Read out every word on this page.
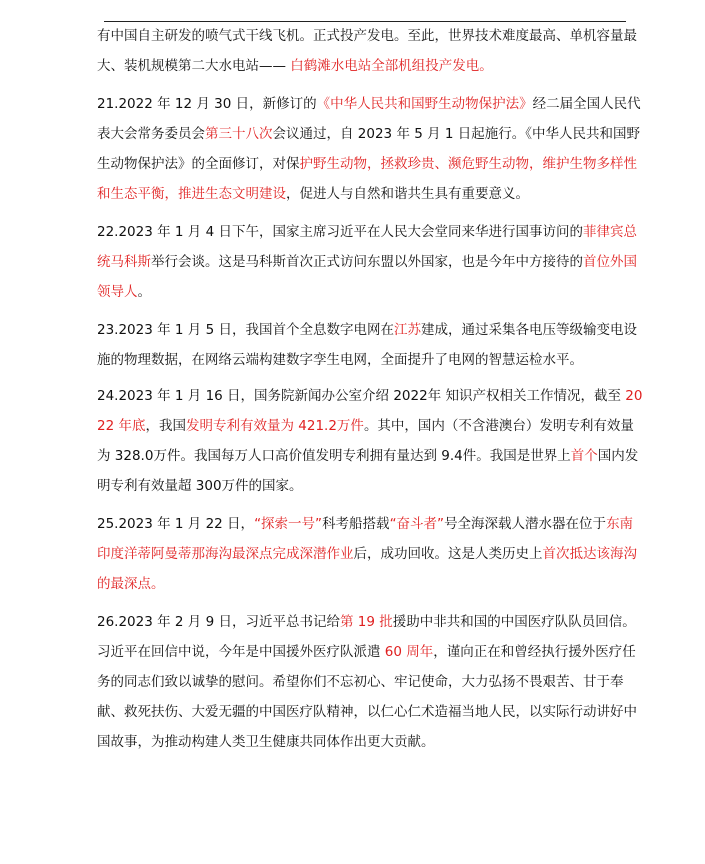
有中国自主研发的喷气式干线飞机。正式投产发电。至此，世界技术难度最高、单机容量最大、装机规模第二大水电站—— 白鹤滩水电站全部机组投产发电。

21.2022 年 12 月 30 日，新修订的《中华人民共和国野生动物保护法》经二届全国人民代表大会常务委员会第三十八次会议通过，自 2023 年 5 月 1 日起施行。《中华人民共和国野生动物保护法》的全面修订，对保护野生动物，拯救珍贵、濒危野生动物，维护生物多样性和生态平衡，推进生态文明建设，促进人与自然和谐共生具有重要意义。

22.2023 年 1 月 4 日下午，国家主席习近平在人民大会堂同来华进行国事访问的菲律宾总统马科斯举行会谈。这是马科斯首次正式访问东盟以外国家，也是今年中方接待的首位外国领导人。

23.2023 年 1 月 5 日，我国首个全息数字电网在江苏建成，通过采集各电压等级输变电设施的物理数据，在网络云端构建数字孪生电网，全面提升了电网的智慧运检水平。

24.2023 年 1 月 16 日，国务院新闻办公室介绍 2022年 知识产权相关工作情况，截至 2022 年底，我国发明专利有效量为 421.2万件。其中，国内（不含港澳台）发明专利有效量为 328.0万件。我国每万人口高价值发明专利拥有量达到 9.4件。我国是世界上首个国内发明专利有效量超 300万件的国家。

25.2023 年 1 月 22 日，“探索一号”科考船搭载“奋斗者”号全海深载人潜水器在位于东南印度洋蒂阿曼蒂那海沟最深点完成深潜作业后，成功回收。这是人类历史上首次抵达该海沟的最深点。

26.2023 年 2 月 9 日，习近平总书记给第 19 批援助中非共和国的中国医疗队队员回信。习近平在回信中说，今年是中国援外医疗队派遣 60 周年，谨向正在和曾经执行援外医疗任务的同志们致以诚挚的慰问。希望你们不忘初心、牢记使命，大力弘扬不畏艰苦、甘于奉献、救死扶伤、大爱无疆的中国医疗队精神，以仁心仁术造福当地人民，以实际行动讲好中国故事，为推动构建人类卫生健康共同体作出更大贡献。
